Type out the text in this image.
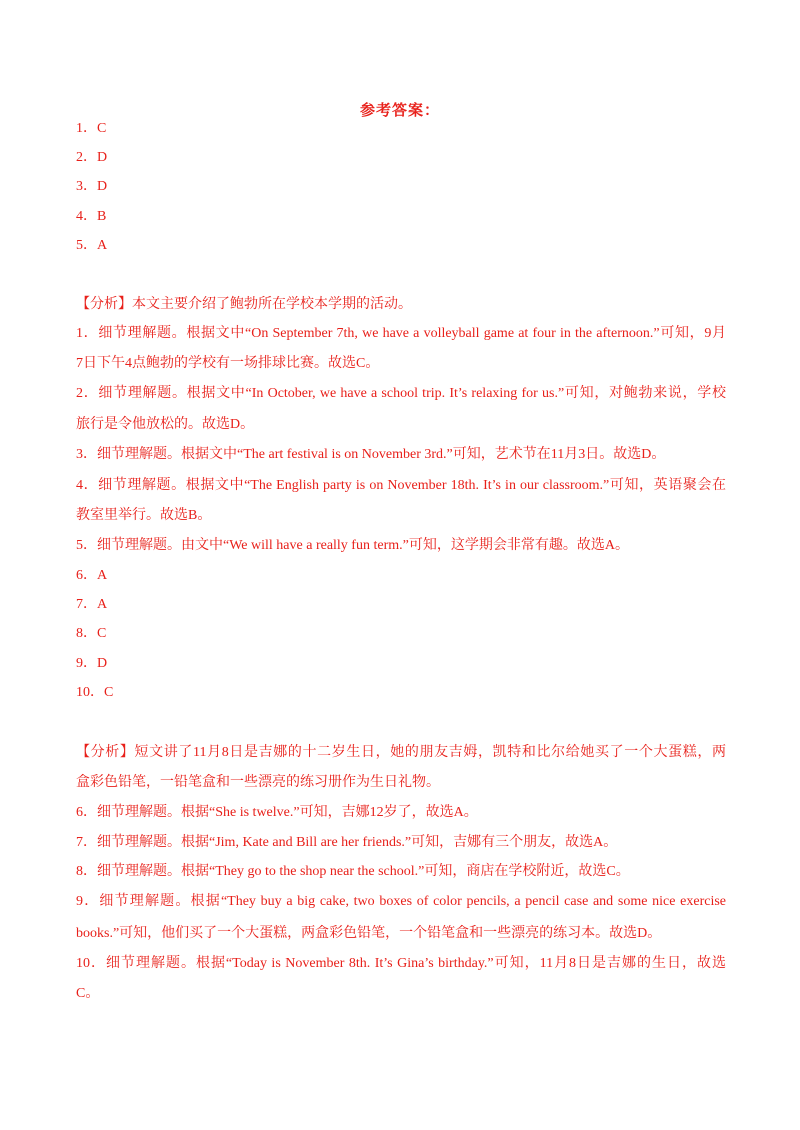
参考答案：
1．C
2．D
3．D
4．B
5．A
【分析】本文主要介绍了鲍勃所在学校本学期的活动。
1．细节理解题。根据文中“On September 7th, we have a volleyball game at four in the afternoon.”可知，9月
7日下午4点鲍勃的学校有一场排球比赛。故选C。
2．细节理解题。根据文中“In October, we have a school trip. It’s relaxing for us.”可知，对鲍勃来说，学校
旅行是令他放松的。故选D。
3．细节理解题。根据文中“The art festival is on November 3rd.”可知，艺术节在11月3日。故选D。
4．细节理解题。根据文中“The English party is on November 18th. It’s in our classroom.”可知，英语聚会在
教室里举行。故选B。
5．细节理解题。由文中“We will have a really fun term.”可知，这学期会非常有趣。故选A。
6．A
7．A
8．C
9．D
10．C
【分析】短文讲了11月8日是吉娜的十二岁生日，她的朋友吉姆，凯特和比尔给她买了一个大蛋糕，两
盒彩色铅笔，一铅笔盒和一些漂亮的练习册作为生日礼物。
6．细节理解题。根据“She is twelve.”可知，吉娜12岁了，故选A。
7．细节理解题。根据“Jim, Kate and Bill are her friends.”可知，吉娜有三个朋友，故选A。
8．细节理解题。根据“They go to the shop near the school.”可知，商店在学校附近，故选C。
9．细节理解题。根据“They buy a big cake, two boxes of color pencils, a pencil case and some nice exercise
books.”可知，他们买了一个大蛋糕，两盒彩色铅笔，一个铅笔盒和一些漂亮的练习本。故选D。
10．细节理解题。根据“Today is November 8th. It’s Gina’s birthday.”可知，11月8日是吉娜的生日，故选
C。
